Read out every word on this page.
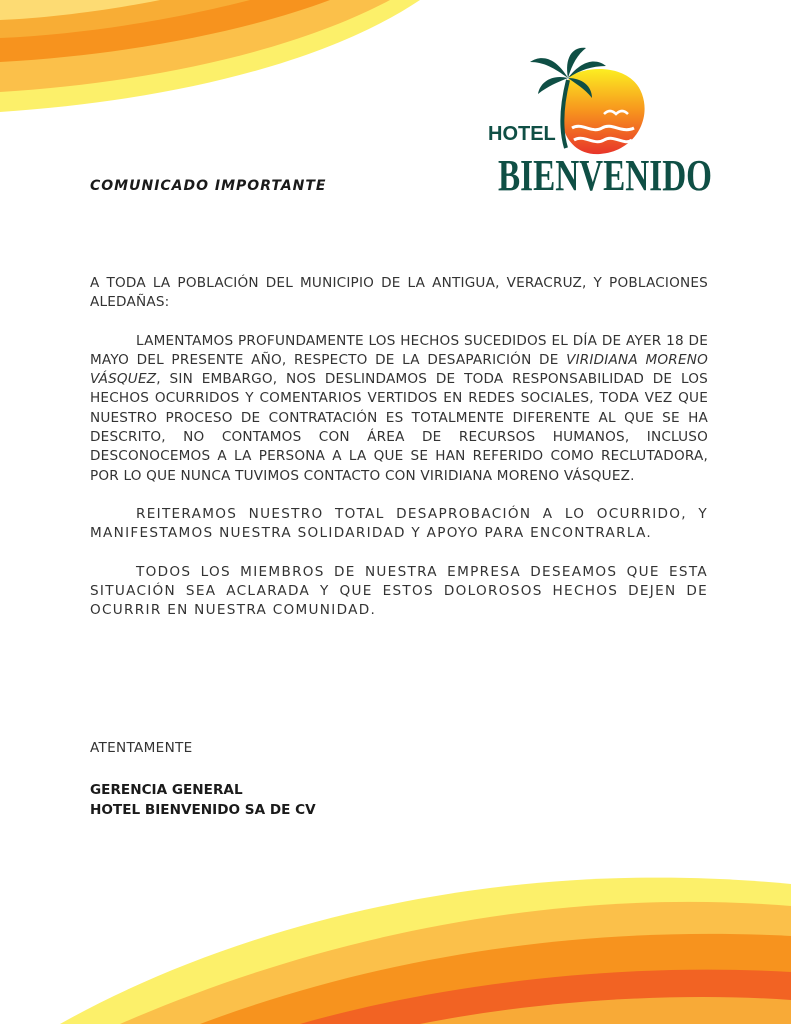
HOTEL
BIENVENIDO
COMUNICADO IMPORTANTE

A TODA LA POBLACIÓN DEL MUNICIPIO DE LA ANTIGUA, VERACRUZ, Y POBLACIONES ALEDAÑAS:

LAMENTAMOS PROFUNDAMENTE LOS HECHOS SUCEDIDOS EL DÍA DE AYER 18 DE MAYO DEL PRESENTE AÑO, RESPECTO DE LA DESAPARICIÓN DE VIRIDIANA MORENO VÁSQUEZ, SIN EMBARGO, NOS DESLINDAMOS DE TODA RESPONSABILIDAD DE LOS HECHOS OCURRIDOS Y COMENTARIOS VERTIDOS EN REDES SOCIALES, TODA VEZ QUE NUESTRO PROCESO DE CONTRATACIÓN ES TOTALMENTE DIFERENTE AL QUE SE HA DESCRITO, NO CONTAMOS CON ÁREA DE RECURSOS HUMANOS, INCLUSO DESCONOCEMOS A LA PERSONA A LA QUE SE HAN REFERIDO COMO RECLUTADORA, POR LO QUE NUNCA TUVIMOS CONTACTO CON VIRIDIANA MORENO VÁSQUEZ.

REITERAMOS NUESTRO TOTAL DESAPROBACIÓN A LO OCURRIDO, Y MANIFESTAMOS NUESTRA SOLIDARIDAD Y APOYO PARA ENCONTRARLA.

TODOS LOS MIEMBROS DE NUESTRA EMPRESA DESEAMOS QUE ESTA SITUACIÓN SEA ACLARADA Y QUE ESTOS DOLOROSOS HECHOS DEJEN DE OCURRIR EN NUESTRA COMUNIDAD.

ATENTAMENTE
GERENCIA GENERAL
HOTEL BIENVENIDO SA DE CV
